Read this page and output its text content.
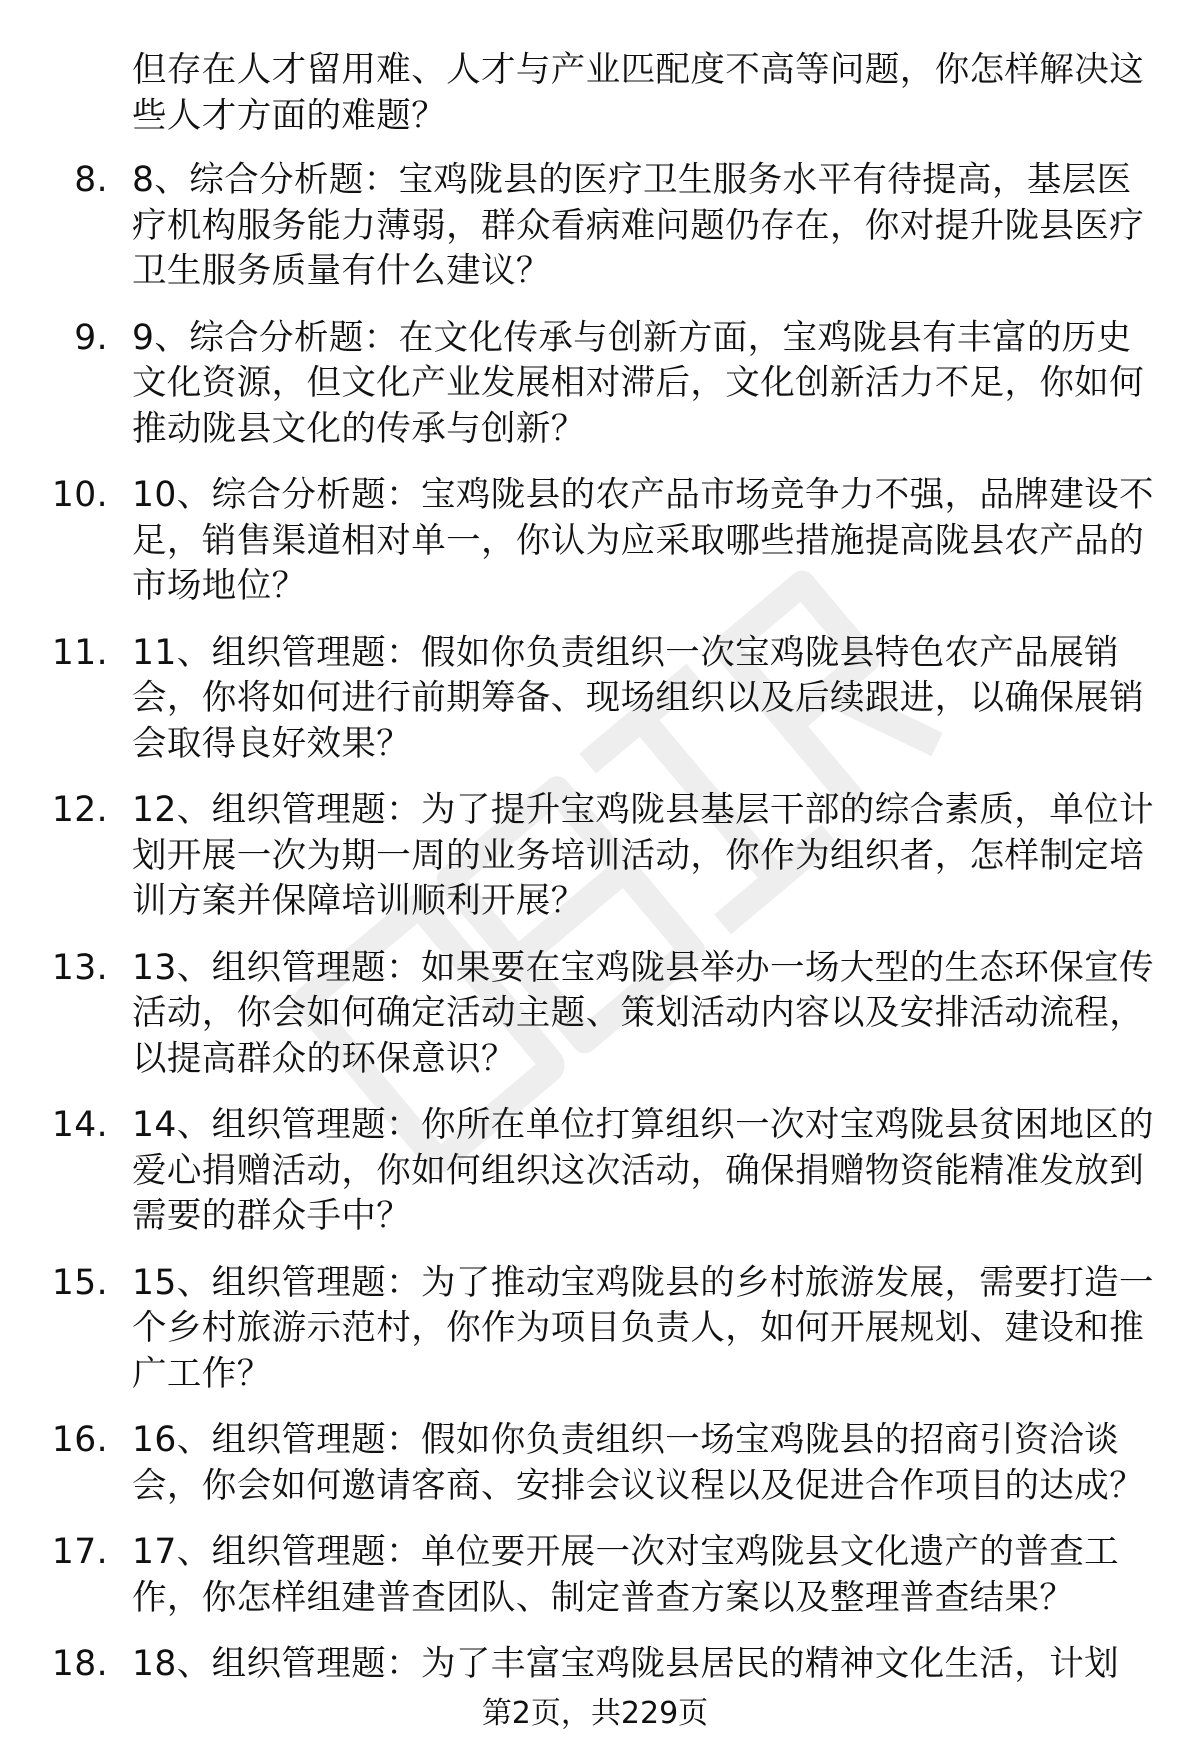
但存在人才留用难、人才与产业匹配度不高等问题，你怎样解决这些人才方面的难题？
8. 8、综合分析题：宝鸡陇县的医疗卫生服务水平有待提高，基层医疗机构服务能力薄弱，群众看病难问题仍存在，你对提升陇县医疗卫生服务质量有什么建议？
9. 9、综合分析题：在文化传承与创新方面，宝鸡陇县有丰富的历史文化资源，但文化产业发展相对滞后，文化创新活力不足，你如何推动陇县文化的传承与创新？
10. 10、综合分析题：宝鸡陇县的农产品市场竞争力不强，品牌建设不足，销售渠道相对单一，你认为应采取哪些措施提高陇县农产品的市场地位？
11. 11、组织管理题：假如你负责组织一次宝鸡陇县特色农产品展销会，你将如何进行前期筹备、现场组织以及后续跟进，以确保展销会取得良好效果？
12. 12、组织管理题：为了提升宝鸡陇县基层干部的综合素质，单位计划开展一次为期一周的业务培训活动，你作为组织者，怎样制定培训方案并保障培训顺利开展？
13. 13、组织管理题：如果要在宝鸡陇县举办一场大型的生态环保宣传活动，你会如何确定活动主题、策划活动内容以及安排活动流程，以提高群众的环保意识？
14. 14、组织管理题：你所在单位打算组织一次对宝鸡陇县贫困地区的爱心捐赠活动，你如何组织这次活动，确保捐赠物资能精准发放到需要的群众手中？
15. 15、组织管理题：为了推动宝鸡陇县的乡村旅游发展，需要打造一个乡村旅游示范村，你作为项目负责人，如何开展规划、建设和推广工作？
16. 16、组织管理题：假如你负责组织一场宝鸡陇县的招商引资洽谈会，你会如何邀请客商、安排会议议程以及促进合作项目的达成？
17. 17、组织管理题：单位要开展一次对宝鸡陇县文化遗产的普查工作，你怎样组建普查团队、制定普查方案以及整理普查结果？
18. 18、组织管理题：为了丰富宝鸡陇县居民的精神文化生活，计划
第2页，共229页
